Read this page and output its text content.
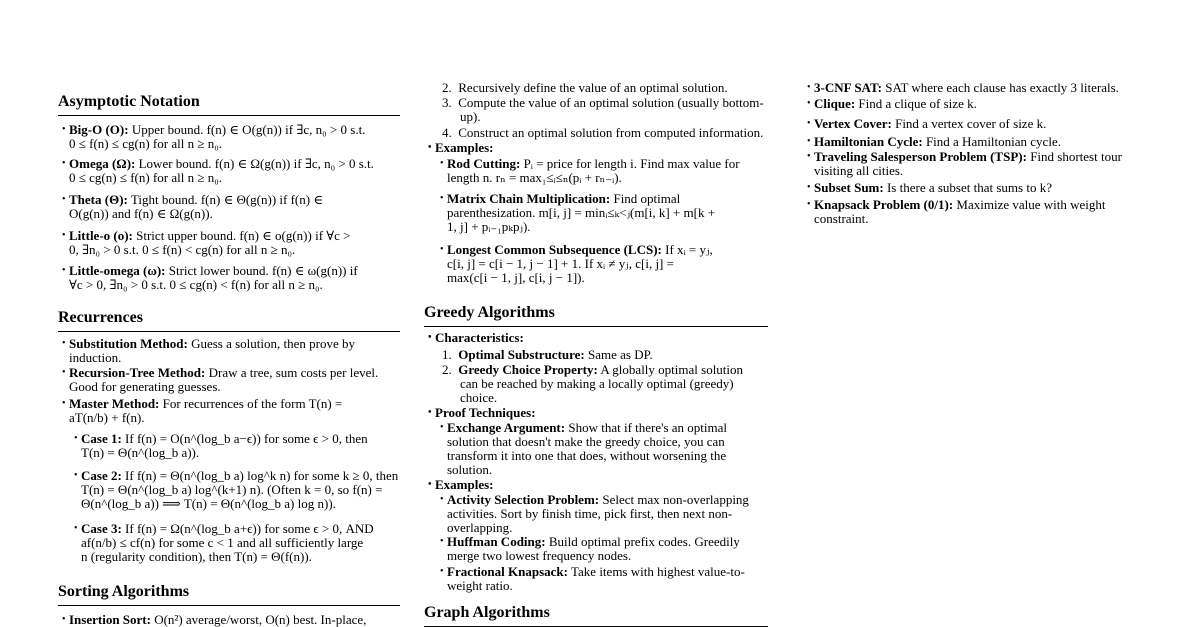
Asymptotic Notation
• Big-O (O): Upper bound. f(n) ∈ O(g(n)) if ∃c, n₀ > 0 s.t.
0 ≤ f(n) ≤ cg(n) for all n ≥ n₀.
• Omega (Ω): Lower bound. f(n) ∈ Ω(g(n)) if ∃c, n₀ > 0 s.t.
0 ≤ cg(n) ≤ f(n) for all n ≥ n₀.
• Theta (Θ): Tight bound. f(n) ∈ Θ(g(n)) if f(n) ∈
O(g(n)) and f(n) ∈ Ω(g(n)).
• Little-o (o): Strict upper bound. f(n) ∈ o(g(n)) if ∀c >
0, ∃n₀ > 0 s.t. 0 ≤ f(n) < cg(n) for all n ≥ n₀.
• Little-omega (ω): Strict lower bound. f(n) ∈ ω(g(n)) if
∀c > 0, ∃n₀ > 0 s.t. 0 ≤ cg(n) < f(n) for all n ≥ n₀.
Recurrences
• Substitution Method: Guess a solution, then prove by
induction.
• Recursion-Tree Method: Draw a tree, sum costs per level.
Good for generating guesses.
• Master Method: For recurrences of the form T(n) =
aT(n/b) + f(n).
• Case 1: If f(n) = O(n^(log_b a−ϵ)) for some ϵ > 0, then
T(n) = Θ(n^(log_b a)).
• Case 2: If f(n) = Θ(n^(log_b a) log^k n) for some k ≥ 0, then
T(n) = Θ(n^(log_b a) log^(k+1) n). (Often k = 0, so f(n) =
Θ(n^(log_b a)) ⟹ T(n) = Θ(n^(log_b a) log n)).
• Case 3: If f(n) = Ω(n^(log_b a+ϵ)) for some ϵ > 0, AND
af(n/b) ≤ cf(n) for some c < 1 and all sufficiently large
n (regularity condition), then T(n) = Θ(f(n)).
Sorting Algorithms
• Insertion Sort: O(n²) average/worst, O(n) best. In-place,
2. Recursively define the value of an optimal solution.
3. Compute the value of an optimal solution (usually bottom-
up).
4. Construct an optimal solution from computed information.
• Examples:
• Rod Cutting: Pᵢ = price for length i. Find max value for
length n. rₙ = max₁≤ᵢ≤ₙ(pᵢ + rₙ₋ᵢ).
• Matrix Chain Multiplication: Find optimal
parenthesization. m[i, j] = minᵢ≤ₖ<ⱼ(m[i, k] + m[k +
1, j] + pᵢ₋₁pₖpⱼ).
• Longest Common Subsequence (LCS): If xᵢ = yⱼ,
c[i, j] = c[i − 1, j − 1] + 1. If xᵢ ≠ yⱼ, c[i, j] =
max(c[i − 1, j], c[i, j − 1]).
Greedy Algorithms
• Characteristics:
1. Optimal Substructure: Same as DP.
2. Greedy Choice Property: A globally optimal solution
can be reached by making a locally optimal (greedy)
choice.
• Proof Techniques:
• Exchange Argument: Show that if there's an optimal
solution that doesn't make the greedy choice, you can
transform it into one that does, without worsening the
solution.
• Examples:
• Activity Selection Problem: Select max non-overlapping
activities. Sort by finish time, pick first, then next non-
overlapping.
• Huffman Coding: Build optimal prefix codes. Greedily
merge two lowest frequency nodes.
• Fractional Knapsack: Take items with highest value-to-
weight ratio.
Graph Algorithms
• 3-CNF SAT: SAT where each clause has exactly 3 literals.
• Clique: Find a clique of size k.
• Vertex Cover: Find a vertex cover of size k.
• Hamiltonian Cycle: Find a Hamiltonian cycle.
• Traveling Salesperson Problem (TSP): Find shortest tour
visiting all cities.
• Subset Sum: Is there a subset that sums to k?
• Knapsack Problem (0/1): Maximize value with weight
constraint.
